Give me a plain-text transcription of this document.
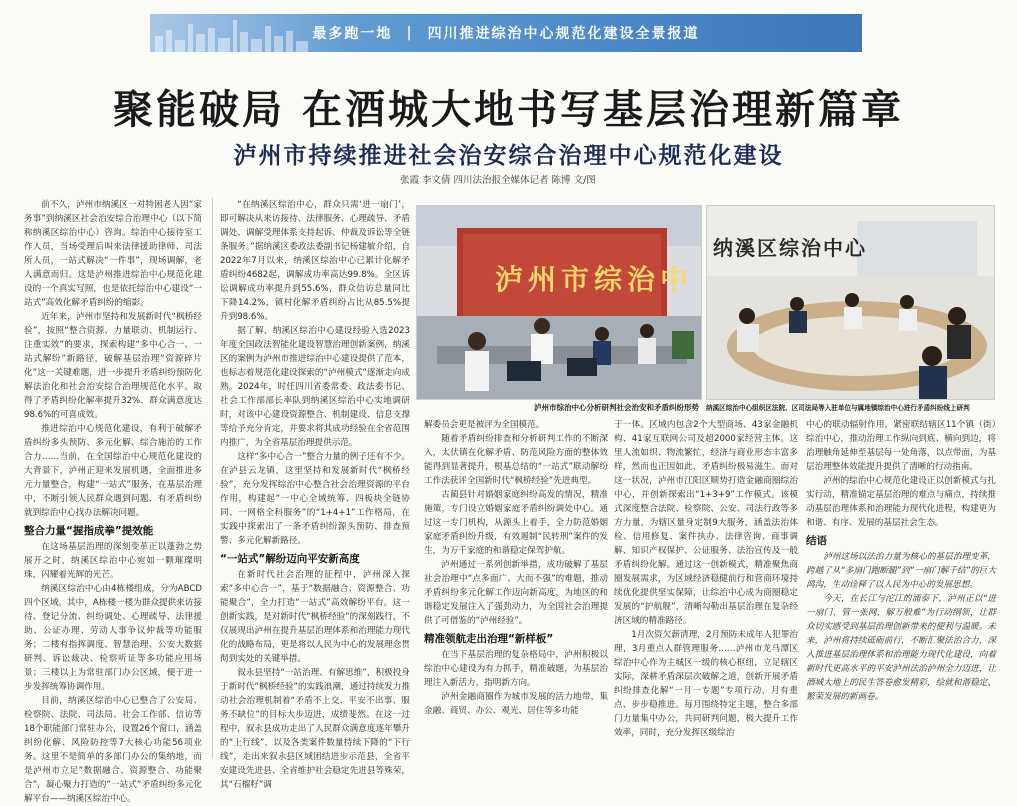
最多跑一地 | 四川推进综治中心规范化建设全景报道
聚能破局 在酒城大地书写基层治理新篇章
泸州市持续推进社会治安综合治理中心规范化建设
张霞 李文倩 四川法治报全媒体记者 陈博 文/图

前不久，泸州市纳溪区一对特困老人因“家务事”到纳溪区社会治安综合治理中心（以下简称纳溪区综治中心）咨询。综治中心接待室工作人员，当场受理后叫来法律援助律师、司法所人员，一站式解决“一件事”，现场调解，老人满意而归。这是泸州推进综治中心规范化建设的一个真实写照，也是依托综治中心建设“一站式”高效化解矛盾纠纷的缩影。

近年来，泸州市坚持和发展新时代“枫桥经验”，按照“整合资源、力量联动、机制运行、注重实效”的要求，探索构建“多中心合一、一站式解纷”新路径，破解基层治理“资源碎片化”这一关键难题，进一步提升矛盾纠纷预防化解法治化和社会治安综合治理规范化水平。取得了矛盾纠纷化解率提升32%、群众满意度达98.6%的可喜成效。

推进综治中心规范化建设，有利于破解矛盾纠纷多头预防、多元化解、综合施治的工作合力……当前，在全国综治中心规范化建设的大背景下，泸州正迎来发展机遇，全面推进多元力量整合，构建“一站式”服务，在基层治理中，不断引领人民群众遇到问题、有矛盾纠纷就到综治中心找办法解决问题。

整合力量“握指成拳”提效能

在这场基层治理的深刻变革正以蓬勃之势展开之时，纳溪区综治中心宛如一颗璀璨明珠，闪耀着光辉的光芒。

纳溪区综治中心由4栋楼组成，分为ABCD四个区域。其中，A栋楼一楼为群众提供来访接待、登记分流、纠纷调处、心理疏导、法律援助、公证办理、劳动人事争议仲裁等功能服务；二楼有指挥调度、智慧治理、公安大数据研判、诉讼裁决、检察听证等多功能应用场景；三楼以上为常驻部门办公区域，便于进一步发挥统筹协调作用。

目前，纳溪区综治中心已整合了公安局、检察院、法院、司法局、社会工作部、信访等18个职能部门常驻办公，设置26个窗口，涵盖纠纷化解、风险防控等7大核心功能56项业务。这里不是简单的多部门办公的集纳地，而是泸州市立足“数据融合、资源整合、功能聚合”，凝心聚力打造的“一站式”矛盾纠纷多元化解平台——纳溪区综治中心。

“在纳溪区综治中心，群众只需‘进一扇门’，即可解决从来访接待、法律服务、心理疏导、矛盾调处、调解受理体系支持起诉、仲裁及诉讼等全链条服务。”据纳溪区委政法委副书记杨建敏介绍，自2022年7月以来，纳溪区综治中心已累计化解矛盾纠纷4682起，调解成功率高达99.8%。全区诉讼调解成功率提升到55.6%，群众信访总量同比下降14.2%，镇村化解矛盾纠纷占比从85.5%提升到98.6%。

据了解，纳溪区综治中心建设经验入选2023年度全国政法智能化建设智慧治理创新案例，纳溪区的案例为泸州市推进综治中心建设提供了范本，也标志着规范化建设探索的“泸州模式”逐渐走向成熟。2024年，时任四川省委常委、政法委书记、社会工作部部长率队到纳溪区综治中心实地调研时，对该中心建设资源整合、机制建设、信息支撑等给予充分肯定，并要求将其成功经验在全省范围内推广，为全省基层治理提供示范。

这样“多中心合一”整合力量的例子还有不少。在泸县云龙镇，这里坚持和发展新时代“枫桥经验”，充分发挥综治中心整合社会治理资源的平台作用，构建起“一中心全域统筹、四板块全链协同、一网格全科服务”的“1+4+1”工作格局，在实践中探索出了一条矛盾纠纷源头预防、排查预警、多元化解新路径。

“一站式”解纷迈向平安新高度

在新时代社会治理的征程中，泸州深入探索“多中心合一”，基于“数据融合、资源整合、功能聚合”，全力打造“一站式”高效解纷平台。这一创新实践，是对新时代“枫桥经验”的深刻践行，不仅展现出泸州在提升基层治理体系和治理能力现代化的战略布局，更是将以人民为中心的发展理念贯彻到实处的关键举措。

叙永县坚持“一站治理、有解思维”，积极投身于新时代“枫桥经验”的实践浪潮，通过持续发力推动社会治理机制着“矛盾不上交、平安不出事、服务不缺位”的目标大步迈进，成绩斐然。在这一过程中，叙永县成功走出了人民群众满意度逐年攀升的“上行线”，以及各类案件数量持续下降的“下行线”，走出来叙永县区域团结进步示范县，全省平安建设先进县、全省维护社会稳定先进县等殊荣，其“石榴籽”调

泸州市综治中
纳溪区综治中心
泸州市综治中心分析研判社会治安和矛盾纠纷形势 纳溪区综治中心组织区法院、区司法局等入驻单位与属地镇综治中心进行矛盾纠纷线上研判

解委员会更是被评为全国模范。

随着矛盾纠纷排查和分析研判工作的不断深入，太伏镇在化解矛盾、防范风险方面的整体效能得到显著提升，根基总结的“一站式”联动解纷工作法获评全国新时代“枫桥经验”先进典型。

古蔺县针对婚姻家庭纠纷高发的情况，精准施策，专门设立婚姻家庭矛盾纠纷调处中心。通过这一专门机构，从源头上着手，全力防范婚姻家庭矛盾纠纷升级，有效遏制“民转刑”案件的发生，为万千家庭的和谐稳定保驾护航。

泸州通过一系列创新举措，成功破解了基层社会治理中“点多面广、大而不强”的难题，推动矛盾纠纷多元化解工作迈向新高度，为地区的和谐稳定发展注入了强劲动力，为全国社会治理提供了可借鉴的“泸州经验”。

精准领航走出治理“新样板”

在当下基层治理的复杂格局中，泸州积极以综治中心建设为有力抓手，精准破题，为基层治理注入新活力，指明新方向。

泸州金融商圈作为城市发展的活力地带，集金融、商贸、办公、观光、居住等多功能

于一体。区域内包含2个大型商场、43家金融机构、41家互联网公司及超2000家经营主体。这里人流如织、物流繁忙，经济与商业形态丰富多样，然而也正因如此，矛盾纠纷极易滋生。面对这一状况，泸州市江阳区顺势打造金融商圈综治中心，并创新探索出“1+3+9”工作模式。该模式深度整合法院、检察院、公安、司法行政等多方力量，为辖区量身定制9大服务，涵盖法治体检、信用修复、案件执办、法律咨询、商事调解、知识产权保护、公证服务、法治宣传及一般矛盾纠纷化解。通过这一创新模式，精准聚焦商圈发展需求，为区域经济稳健前行和营商环境持续优化提供坚实保障，让综治中心成为商圈稳定发展的“护航舰”，清晰勾勒出基层治理在复杂经济区域的精准路径。

1月次资欠薪清理，2月预防未成年人犯罪治理，3月重点人群管理服务……泸州市龙马潭区综治中心作为主城区一级的核心枢纽，立足辖区实际，深耕矛盾深层次破解之道，创新开展矛盾纠纷排查化解“一月一专题”专项行动，月有重点、步步稳推进。每月围绕特定主题，整合多部门力量集中办公，共同研判问题，极大提升工作效率，同时，充分发挥区级综治

中心的联动辐射作用，紧密联结辖区11个镇（街）综治中心，推动治理工作纵向到底、横向到边，将治理触角延伸至基层每一处角落，以点带面，为基层治理整体效能提升提供了清晰的行动指南。

泸州的综治中心规范化建设正以创新模式与扎实行动，精准锚定基层治理的难点与痛点，持续推动基层治理体系和治理能力现代化进程，构建更为和谐、有序、发展的基层社会生态。

结语

泸州这场以法治力量为核心的基层治理变革，跨越了从“多扇门跑断腿”到“一扇门解千结”的巨大鸿沟，生动诠释了以人民为中心的发展思想。

今天，在长江与沱江的涌泰下，泸州正以“进一扇门、管一张网、解万般难”为行动纲领，让群众切实感受到基层治理创新带来的便利与温暖。未来，泸州将持续砥砺前行，不断汇聚法治合力，深入推进基层治理体系和治理能力现代化建设，向着新时代更高水平的平安泸州法治泸州全力迈进，让酒城大地上的民生答卷愈发精彩，绘就和谐稳定、繁荣发展的新画卷。
